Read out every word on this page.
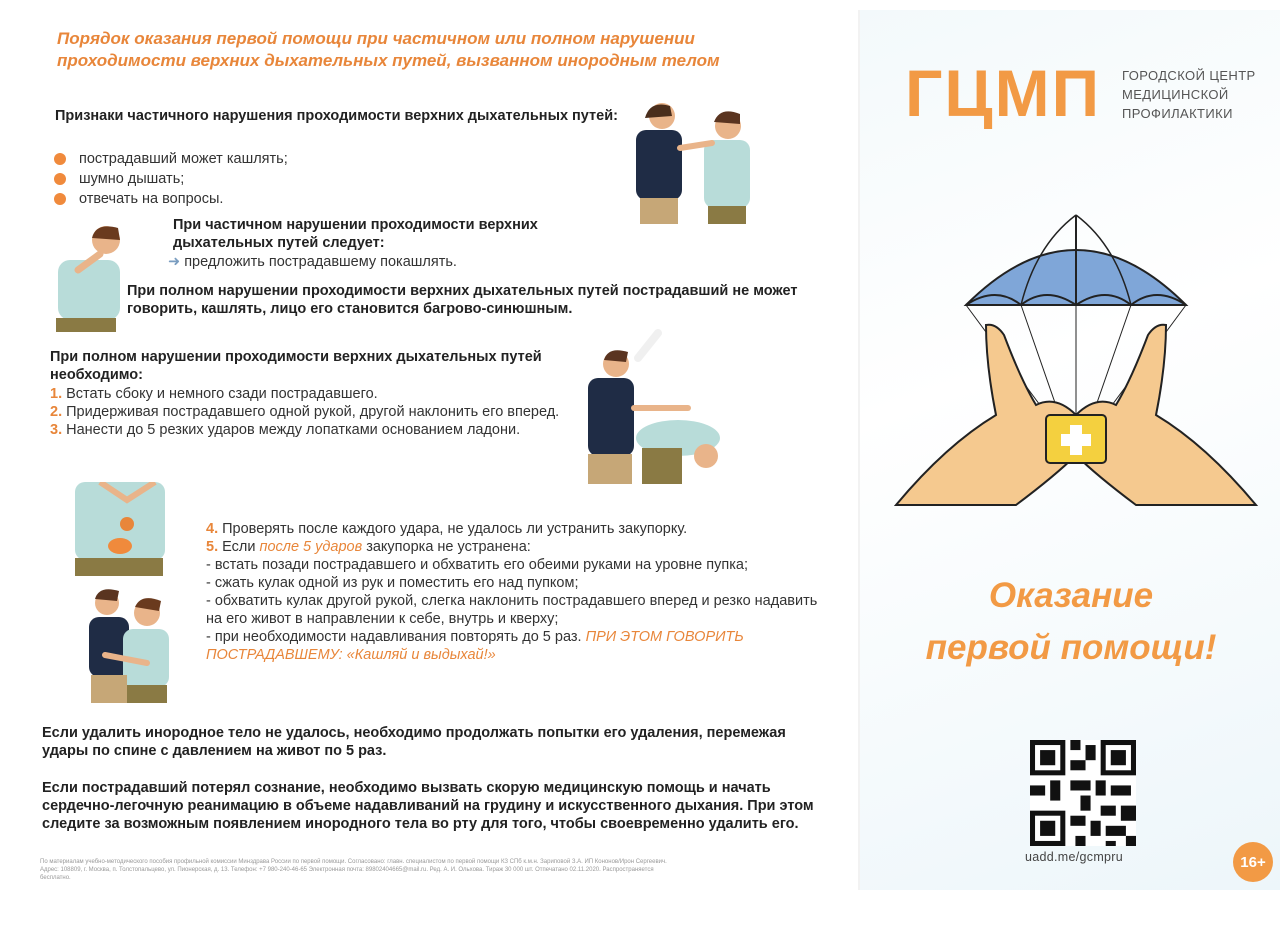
Порядок оказания первой помощи при частичном или полном нарушении проходимости верхних дыхательных путей, вызванном инородным телом
Признаки частичного нарушения проходимости верхних дыхательных путей:
пострадавший может кашлять;
шумно дышать;
отвечать на вопросы.
При частичном нарушении проходимости верхних дыхательных путей следует:
➜ предложить пострадавшему покашлять.
При полном нарушении проходимости верхних дыхательных путей пострадавший не может говорить, кашлять, лицо его становится багрово-синюшным.
При полном нарушении проходимости верхних дыхательных путей необходимо:
1. Встать сбоку и немного сзади пострадавшего.
2. Придерживая пострадавшего одной рукой, другой наклонить его вперед.
3. Нанести до 5 резких ударов между лопатками основанием ладони.
4. Проверять после каждого удара, не удалось ли устранить закупорку.
5. Если после 5 ударов закупорка не устранена:
- встать позади пострадавшего и обхватить его обеими руками на уровне пупка;
- сжать кулак одной из рук и поместить его над пупком;
- обхватить кулак другой рукой, слегка наклонить пострадавшего вперед и резко надавить на его живот в направлении к себе, внутрь и кверху;
- при необходимости надавливания повторять до 5 раз. ПРИ ЭТОМ ГОВОРИТЬ ПОСТРАДАВШЕМУ: «Кашляй и выдыхай!»
Если удалить инородное тело не удалось, необходимо продолжать попытки его удаления, перемежая удары по спине с давлением на живот по 5 раз.
Если пострадавший потерял сознание, необходимо вызвать скорую медицинскую помощь и начать сердечно-легочную реанимацию в объеме надавливаний на грудину и искусственного дыхания. При этом следите за возможным появлением инородного тела во рту для того, чтобы своевременно удалить его.
По материалам учебно-методического пособия профильной комиссии Минздрава России по первой помощи. Согласовано: главн. специалистом по первой помощи КЗ СПб к.м.н. Зариповой З.А. ИП Кононов/Ирон Сергеевич. Адрес: 108809, г. Москва, п. Толстопальцево, ул. Пионерская, д. 13. Телефон: +7 980-240-46-65 Электронная почта: 89802404665@mail.ru. Ред. А. И. Ольхова. Тираж 30 000 шт. Отпечатано 02.11.2020. Распространяется бесплатно.
ГЦМП ГОРОДСКОЙ ЦЕНТР МЕДИЦИНСКОЙ ПРОФИЛАКТИКИ
Оказание
первой помощи!
uadd.me/gcmpru	16+
